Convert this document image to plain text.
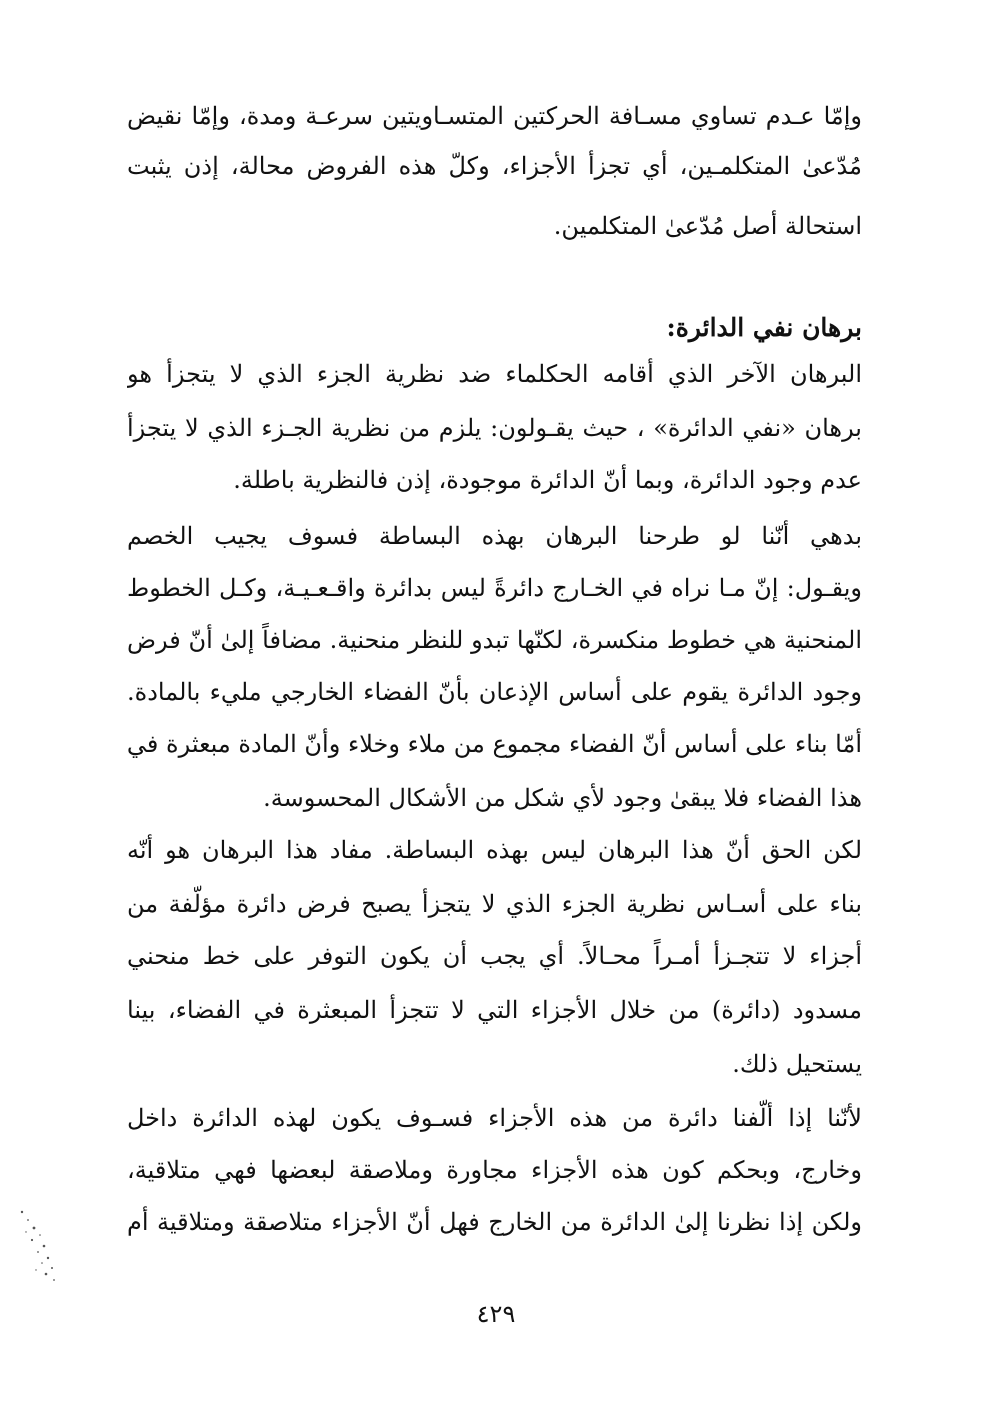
وإمّا عـدم تساوي مسـافة الحركتين المتسـاويتين سرعـة ومدة، وإمّا نقيض
مُدّعىٰ المتكلمـين، أي تجزأ الأجزاء، وكلّ هذه الفروض محالة، إذن يثبت
استحالة أصل مُدّعىٰ المتكلمين.
برهان نفي الدائرة:
البرهان الآخر الذي أقامه الحكلماء ضد نظرية الجزء الذي لا يتجزأ هو
برهان «نفي الدائرة» ، حيث يقـولون: يلزم من نظرية الجـزء الذي لا يتجزأ
عدم وجود الدائرة، وبما أنّ الدائرة موجودة، إذن فالنظرية باطلة.
بدهي أنّنا لو طرحنا البرهان بهذه البساطة فسوف يجيب الخصم
ويقـول: إنّ مـا نراه في الخـارج دائرةً ليس بدائرة واقـعـيـة، وكـل الخطوط
المنحنية هي خطوط منكسرة، لكنّها تبدو للنظر منحنية. مضافاً إلىٰ أنّ فرض
وجود الدائرة يقوم على أساس الإذعان بأنّ الفضاء الخارجي مليء بالمادة.
أمّا بناء على أساس أنّ الفضاء مجموع من ملاء وخلاء وأنّ المادة مبعثرة في
هذا الفضاء فلا يبقىٰ وجود لأي شكل من الأشكال المحسوسة.
لكن الحق أنّ هذا البرهان ليس بهذه البساطة. مفاد هذا البرهان هو أنّه
بناء على أسـاس نظرية الجزء الذي لا يتجزأ يصبح فرض دائرة مؤلّفة من
أجزاء لا تتجـزأ أمـراً محـالاً. أي يجب أن يكون التوفر على خط منحني
مسدود (دائرة) من خلال الأجزاء التي لا تتجزأ المبعثرة في الفضاء، بينا
يستحيل ذلك.
لأنّنا إذا ألّفنا دائرة من هذه الأجزاء فسـوف يكون لهذه الدائرة داخل
وخارج، وبحكم كون هذه الأجزاء مجاورة وملاصقة لبعضها فهي متلاقية،
ولكن إذا نظرنا إلىٰ الدائرة من الخارج فهل أنّ الأجزاء متلاصقة ومتلاقية أم
٤٢٩
